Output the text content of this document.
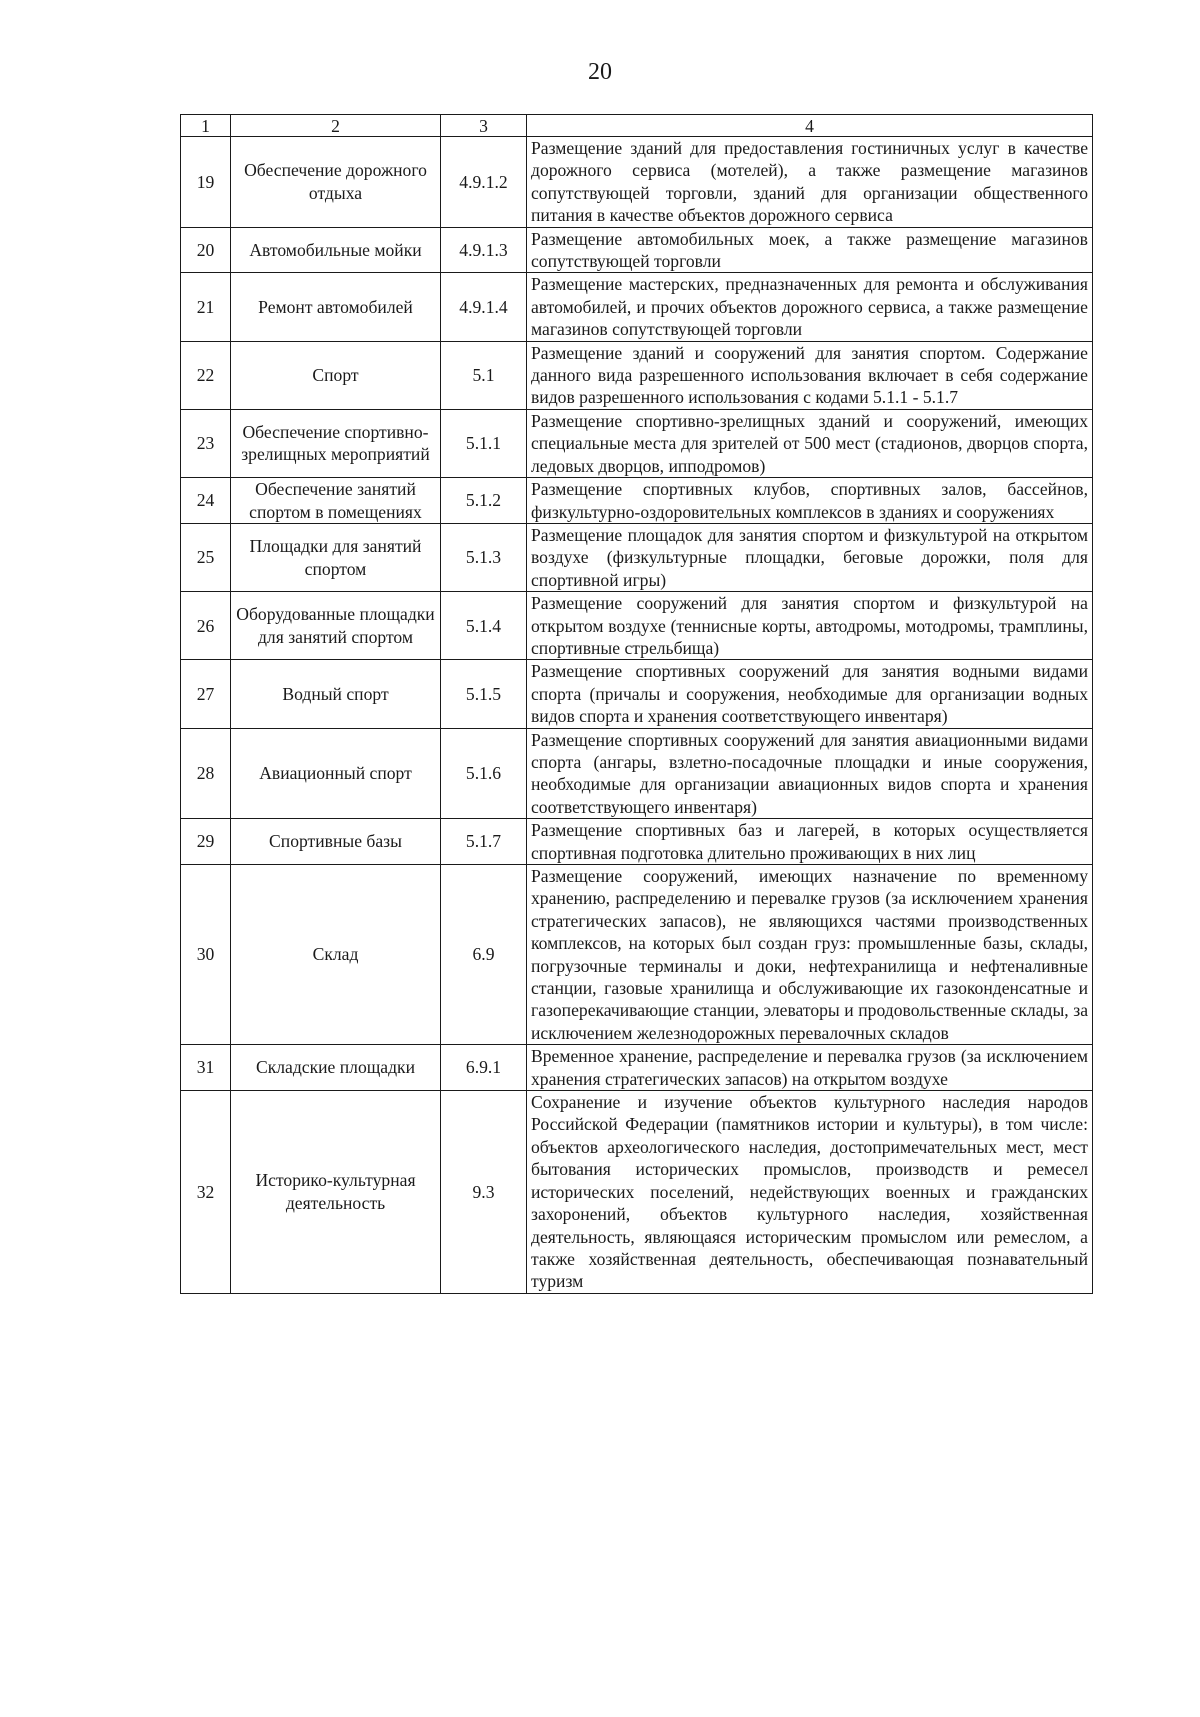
20
1	2	3	4
19	Обеспечение дорожного отдыха	4.9.1.2	Размещение зданий для предоставления гостиничных услуг в качестве дорожного сервиса (мотелей), а также размещение магазинов сопутствующей торговли, зданий для организации общественного питания в качестве объектов дорожного сервиса
20	Автомобильные мойки	4.9.1.3	Размещение автомобильных моек, а также размещение магазинов сопутствующей торговли
21	Ремонт автомобилей	4.9.1.4	Размещение мастерских, предназначенных для ремонта и обслуживания автомобилей, и прочих объектов дорожного сервиса, а также размещение магазинов сопутствующей торговли
22	Спорт	5.1	Размещение зданий и сооружений для занятия спортом. Содержание данного вида разрешенного использования включает в себя содержание видов разрешенного использования с кодами 5.1.1 - 5.1.7
23	Обеспечение спортивно-зрелищных мероприятий	5.1.1	Размещение спортивно-зрелищных зданий и сооружений, имеющих специальные места для зрителей от 500 мест (стадионов, дворцов спорта, ледовых дворцов, ипподромов)
24	Обеспечение занятий спортом в помещениях	5.1.2	Размещение спортивных клубов, спортивных залов, бассейнов, физкультурно-оздоровительных комплексов в зданиях и сооружениях
25	Площадки для занятий спортом	5.1.3	Размещение площадок для занятия спортом и физкультурой на открытом воздухе (физкультурные площадки, беговые дорожки, поля для спортивной игры)
26	Оборудованные площадки для занятий спортом	5.1.4	Размещение сооружений для занятия спортом и физкультурой на открытом воздухе (теннисные корты, автодромы, мотодромы, трамплины, спортивные стрельбища)
27	Водный спорт	5.1.5	Размещение спортивных сооружений для занятия водными видами спорта (причалы и сооружения, необходимые для организации водных видов спорта и хранения соответствующего инвентаря)
28	Авиационный спорт	5.1.6	Размещение спортивных сооружений для занятия авиационными видами спорта (ангары, взлетно-посадочные площадки и иные сооружения, необходимые для организации авиационных видов спорта и хранения соответствующего инвентаря)
29	Спортивные базы	5.1.7	Размещение спортивных баз и лагерей, в которых осуществляется спортивная подготовка длительно проживающих в них лиц
30	Склад	6.9	Размещение сооружений, имеющих назначение по временному хранению, распределению и перевалке грузов (за исключением хранения стратегических запасов), не являющихся частями производственных комплексов, на которых был создан груз: промышленные базы, склады, погрузочные терминалы и доки, нефтехранилища и нефтеналивные станции, газовые хранилища и обслуживающие их газоконденсатные и газоперекачивающие станции, элеваторы и продовольственные склады, за исключением железнодорожных перевалочных складов
31	Складские площадки	6.9.1	Временное хранение, распределение и перевалка грузов (за исключением хранения стратегических запасов) на открытом воздухе
32	Историко-культурная деятельность	9.3	Сохранение и изучение объектов культурного наследия народов Российской Федерации (памятников истории и культуры), в том числе: объектов археологического наследия, достопримечательных мест, мест бытования исторических промыслов, производств и ремесел исторических поселений, недействующих военных и гражданских захоронений, объектов культурного наследия, хозяйственная деятельность, являющаяся историческим промыслом или ремеслом, а также хозяйственная деятельность, обеспечивающая познавательный туризм
